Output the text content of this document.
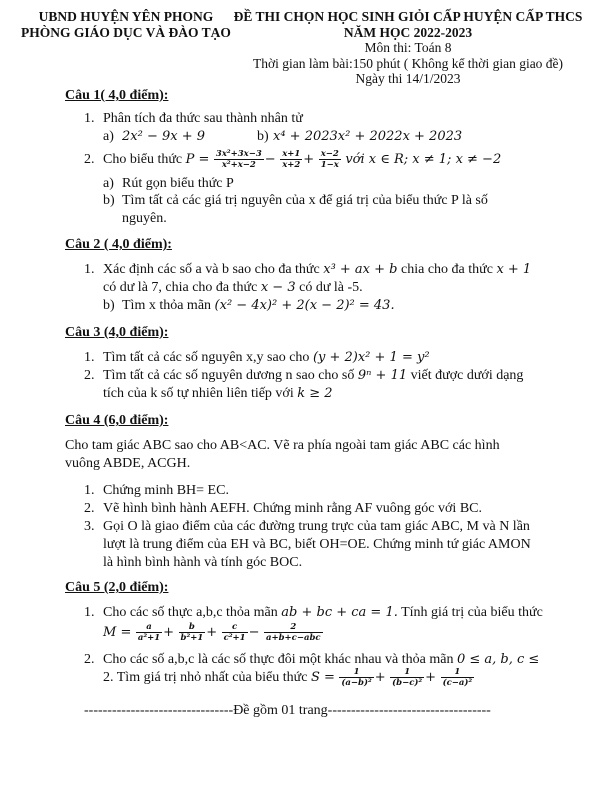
UBND HUYỆN YÊN PHONG
PHÒNG GIÁO DỤC VÀ ĐÀO TẠO
ĐỀ THI CHỌN HỌC SINH GIỎI CẤP HUYỆN CẤP THCS
NĂM HỌC 2022-2023
Môn thi: Toán 8
Thời gian làm bài:150 phút ( Không kể thời gian giao đề)
Ngày thi 14/1/2023
Câu 1( 4,0 điểm):
1. Phân tích đa thức sau thành nhân tử
a) 2x² − 9x + 9	b) x⁴ + 2023x² + 2022x + 2023
2. Cho biểu thức $P = \frac{\text{3x²+3x−3}}{\text{x²+x−2}} - \frac{x+1}{x+2} + \frac{x-2}{1-x}$ với x ∈ R; x ≠ 1; x ≠ −2
a) Rút gọn biểu thức P
b) Tìm tất cả các giá trị nguyên của x để giá trị của biểu thức P là số
nguyên.
Câu 2 ( 4,0 điểm):
1. Xác định các số a và b sao cho đa thức x³ + ax + b chia cho đa thức x + 1
có dư là 7, chia cho đa thức x − 3 có dư là -5.
b) Tìm x thỏa mãn (x² − 4x)² + 2(x − 2)² = 43.
Câu 3 (4,0 điểm):
1. Tìm tất cả các số nguyên x,y sao cho (y + 2)x² + 1 = y²
2. Tìm tất cả các số nguyên dương n sao cho số 9ⁿ + 11 viết được dưới dạng
tích của k số tự nhiên liên tiếp với k ≥ 2
Câu 4 (6,0 điểm):
Cho tam giác ABC sao cho AB<AC. Vẽ ra phía ngoài tam giác ABC các hình
vuông ABDE, ACGH.
1. Chứng minh BH= EC.
2. Vẽ hình bình hành AEFH. Chứng minh rằng AF vuông góc với BC.
3. Gọi O là giao điểm của các đường trung trực của tam giác ABC, M và N lần
lượt là trung điểm của EH và BC, biết OH=OE. Chứng minh tứ giác AMON
là hình bình hành và tính góc BOC.
Câu 5 (2,0 điểm):
1. Cho các số thực a,b,c thỏa mãn ab + bc + ca = 1. Tính giá trị của biểu thức
$M = \frac{a}{\text{a²+1}} + \frac{b}{\text{b²+1}} + \frac{c}{\text{c²+1}} - \frac{2}{\text{a+b+c−abc}}$
2. Cho các số a,b,c là các số thực đôi một khác nhau và thỏa mãn 0 ≤ a, b, c ≤
2. Tìm giá trị nhỏ nhất của biểu thức $S = \frac{1}{\text{(a−b)²}} + \frac{1}{\text{(b−c)²}} + \frac{1}{\text{(c−a)²}}$
--------------------------------Đề gồm 01 trang-----------------------------------
